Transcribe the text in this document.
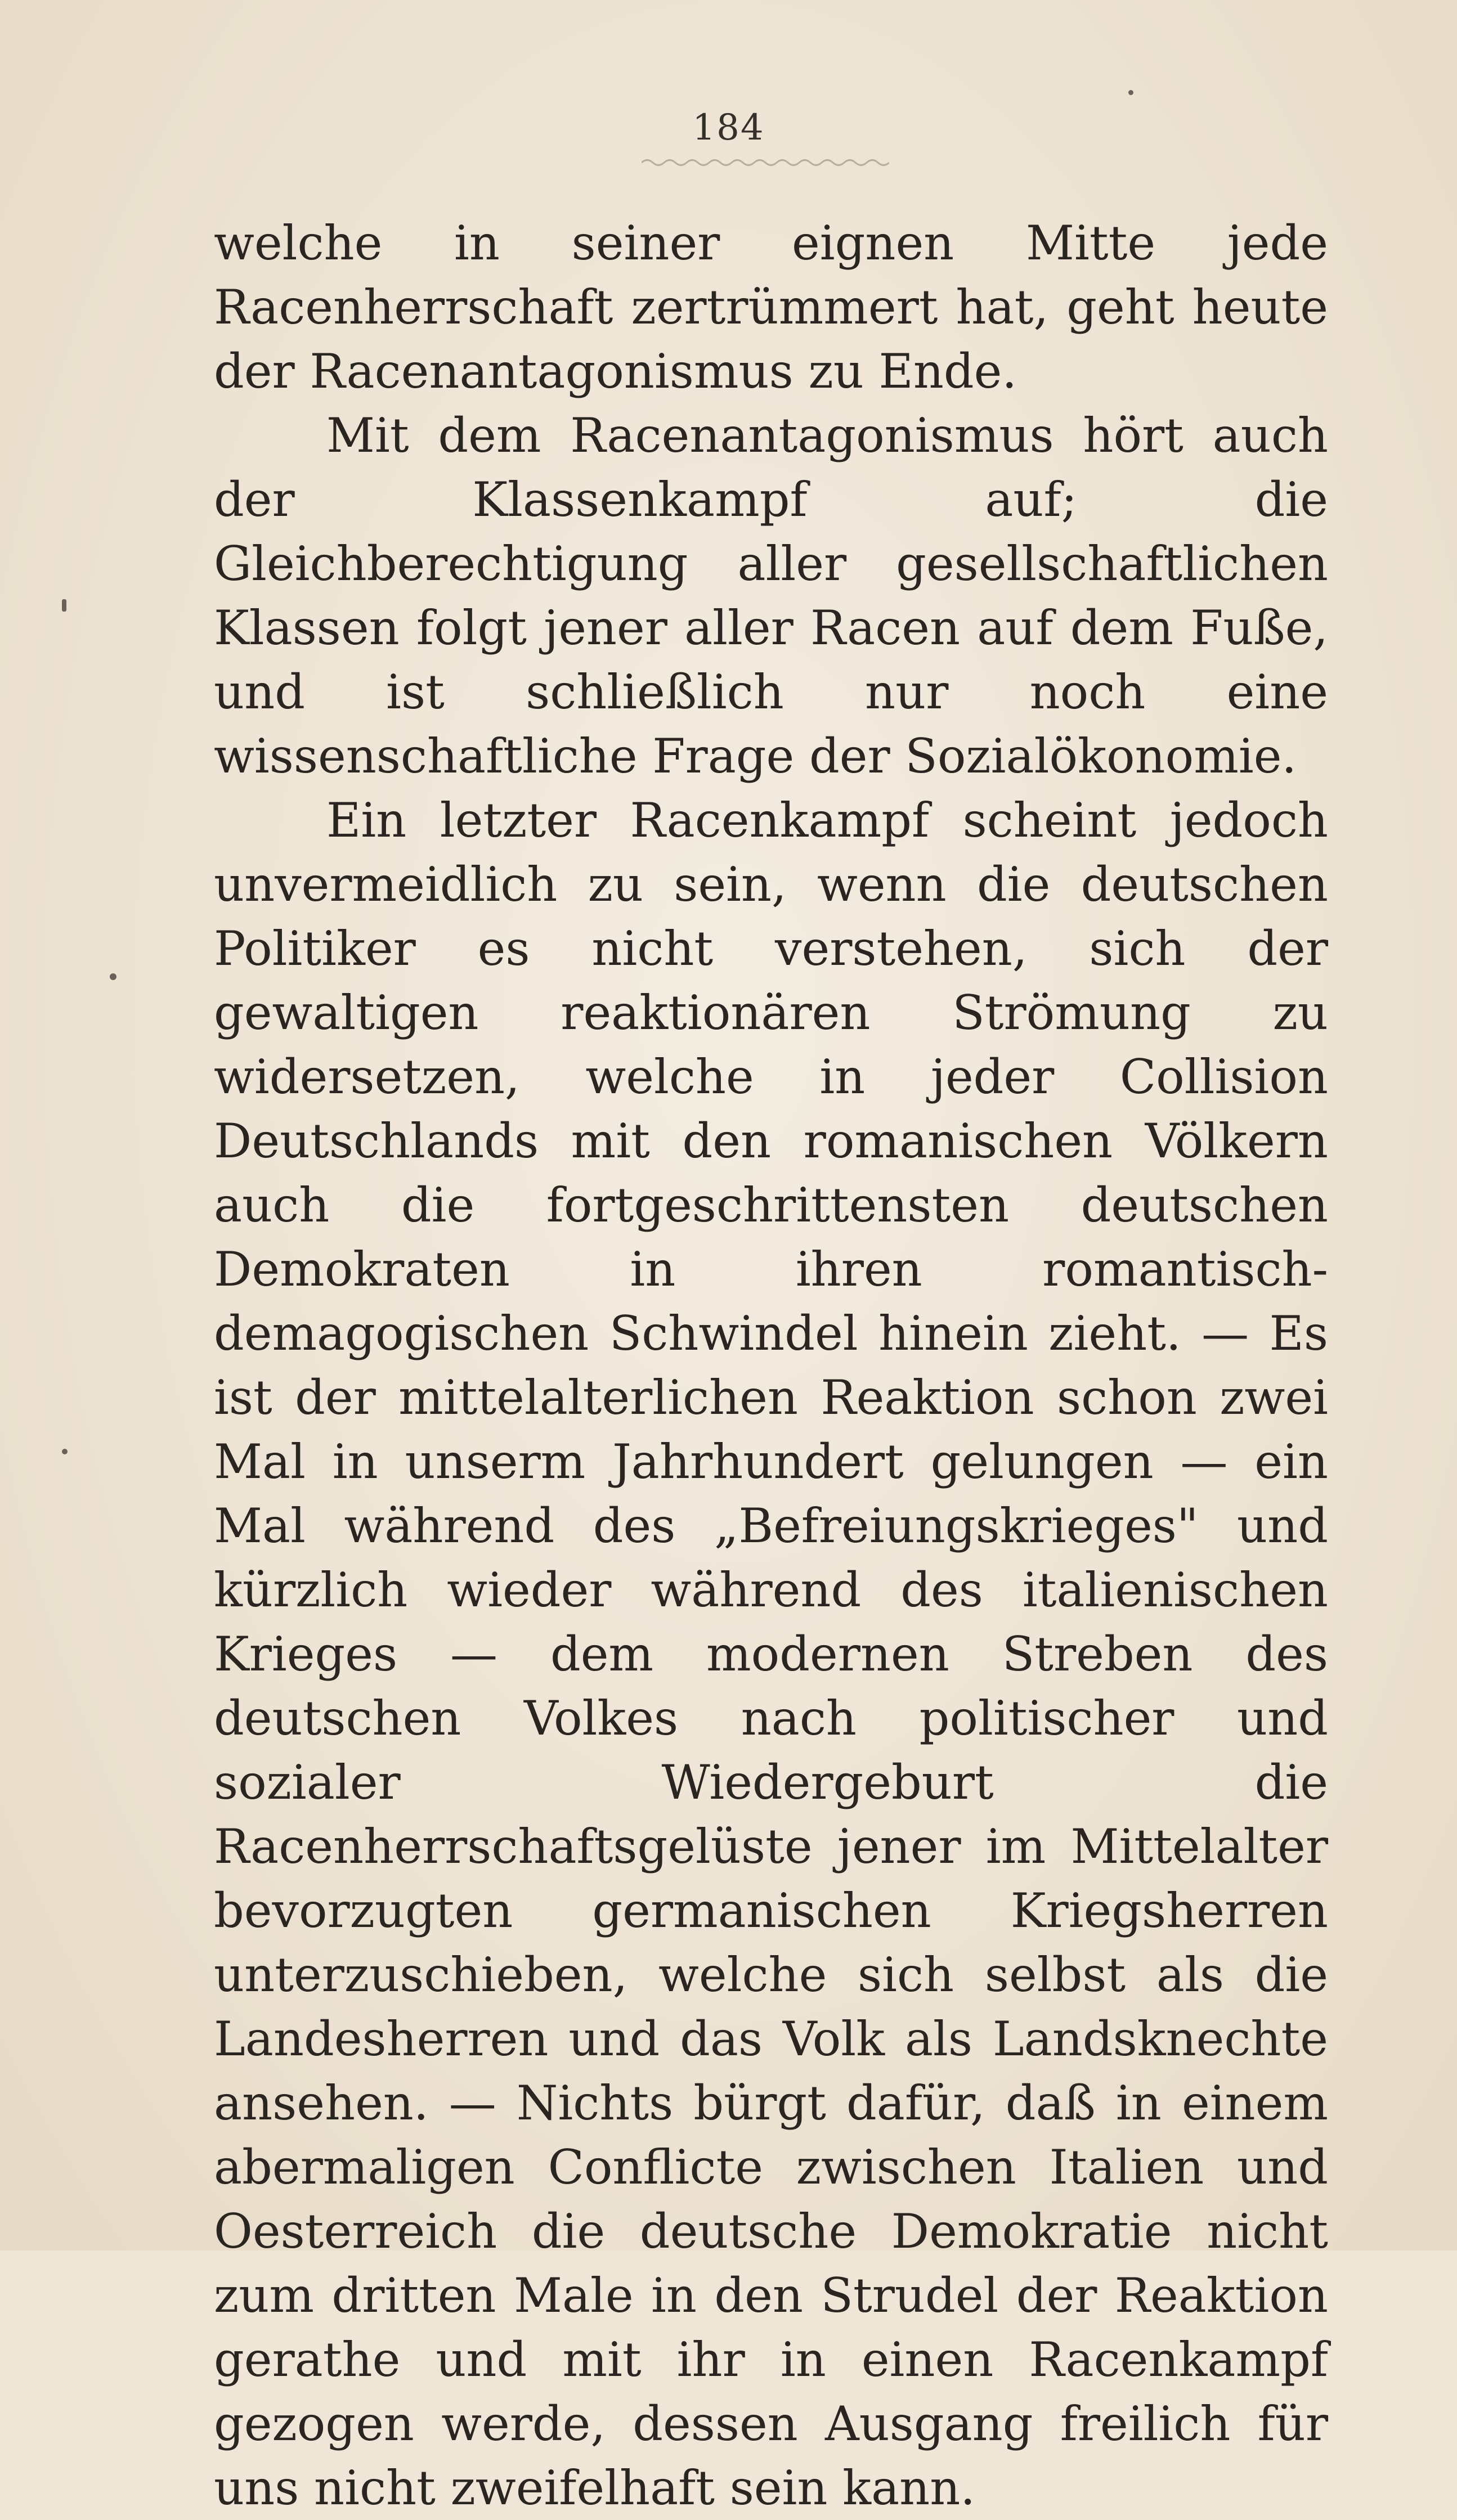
184

welche in seiner eignen Mitte jede Racenherrschaft zertrümmert hat, geht heute der Racenantagonismus zu Ende.

Mit dem Racenantagonismus hört auch der Klassenkampf auf; die Gleichberechtigung aller gesellschaftlichen Klassen folgt jener aller Racen auf dem Fuße, und ist schließlich nur noch eine wissenschaftliche Frage der Sozialökonomie.

Ein letzter Racenkampf scheint jedoch unvermeidlich zu sein, wenn die deutschen Politiker es nicht verstehen, sich der gewaltigen reaktionären Strömung zu widersetzen, welche in jeder Collision Deutschlands mit den romanischen Völkern auch die fortgeschrittensten deutschen Demokraten in ihren romantisch-demagogischen Schwindel hinein zieht. — Es ist der mittelalterlichen Reaktion schon zwei Mal in unserm Jahrhundert gelungen — ein Mal während des „Befreiungskrieges" und kürzlich wieder während des italienischen Krieges — dem modernen Streben des deutschen Volkes nach politischer und sozialer Wiedergeburt die Racenherrschaftsgelüste jener im Mittelalter bevorzugten germanischen Kriegsherren unterzuschieben, welche sich selbst als die Landesherren und das Volk als Landsknechte ansehen. — Nichts bürgt dafür, daß in einem abermaligen Conflicte zwischen Italien und Oesterreich die deutsche Demokratie nicht zum dritten Male in den Strudel der Reaktion gerathe und mit ihr in einen Racenkampf gezogen werde, dessen Ausgang freilich für uns nicht zweifelhaft sein kann.
